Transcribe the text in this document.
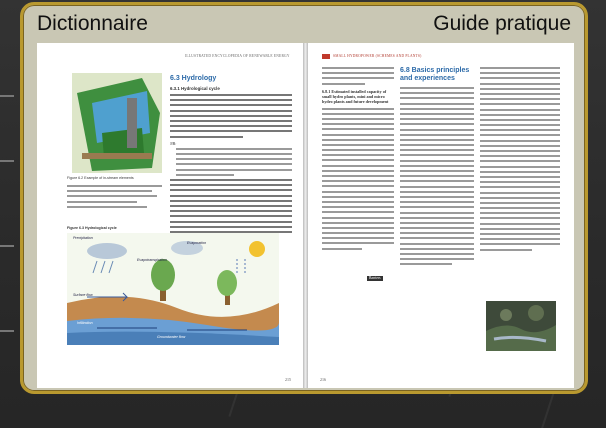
Dictionnaire	Guide pratique
ILLUSTRATED ENCYCLOPEDIA OF RENEWABLE ENERGY
Figure 6.2 Example of in-stream elements
6.3 Hydrology
6.3.1 Hydrological cycle
NB:
Figure 6.3 Hydrological cycle
Precipitation
Evaporation
Evapotranspiration
Surface flow
Infiltration
Groundwater flow
215
SMALL HYDROPOWER (SCHEMES AND PLANTS)
6.8.1 Estimated installed capacity of small hydro plants, mini and micro hydro plants and future development
6.8 Basics principles and experiences
Barriers
216
